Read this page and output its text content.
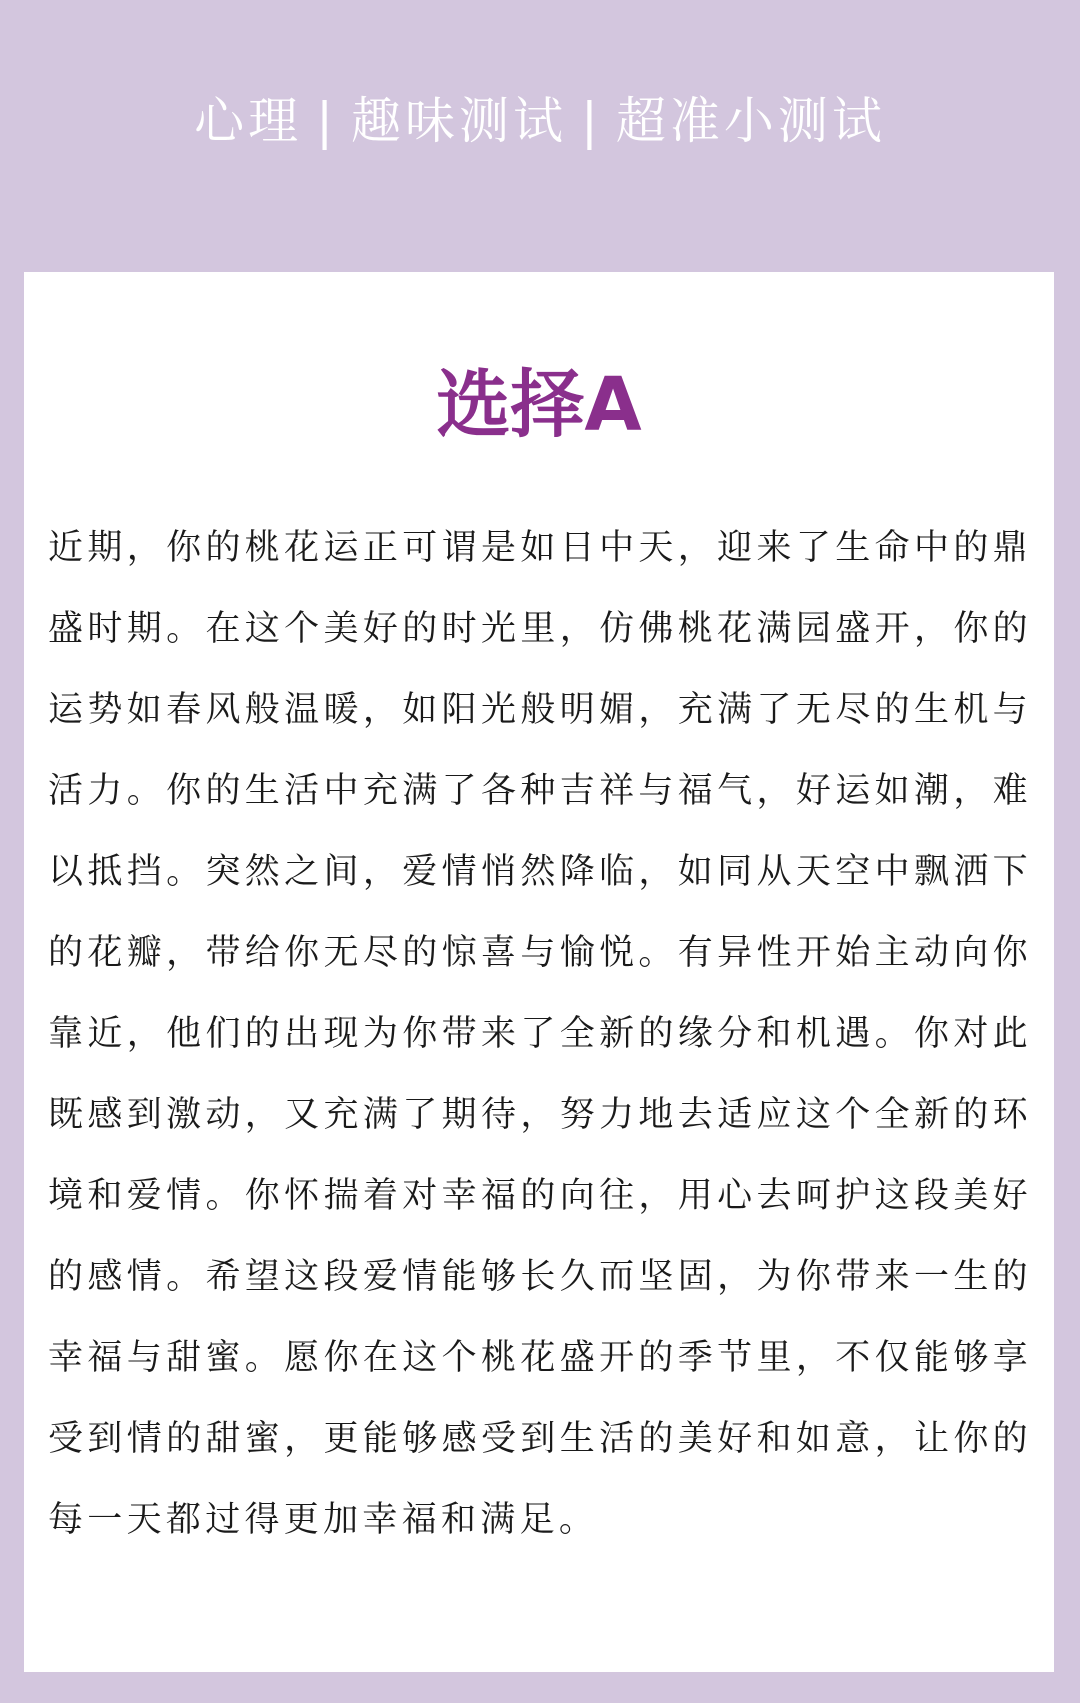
心理 | 趣味测试 | 超准小测试
选择A

近期，你的桃花运正可谓是如日中天，迎来了生命中的鼎盛时期。在这个美好的时光里，仿佛桃花满园盛开，你的运势如春风般温暖，如阳光般明媚，充满了无尽的生机与活力。你的生活中充满了各种吉祥与福气，好运如潮，难以抵挡。突然之间，爱情悄然降临，如同从天空中飘洒下的花瓣，带给你无尽的惊喜与愉悦。有异性开始主动向你靠近，他们的出现为你带来了全新的缘分和机遇。你对此既感到激动，又充满了期待，努力地去适应这个全新的环境和爱情。你怀揣着对幸福的向往，用心去呵护这段美好的感情。希望这段爱情能够长久而坚固，为你带来一生的幸福与甜蜜。愿你在这个桃花盛开的季节里，不仅能够享受到情的甜蜜，更能够感受到生活的美好和如意，让你的每一天都过得更加幸福和满足。
